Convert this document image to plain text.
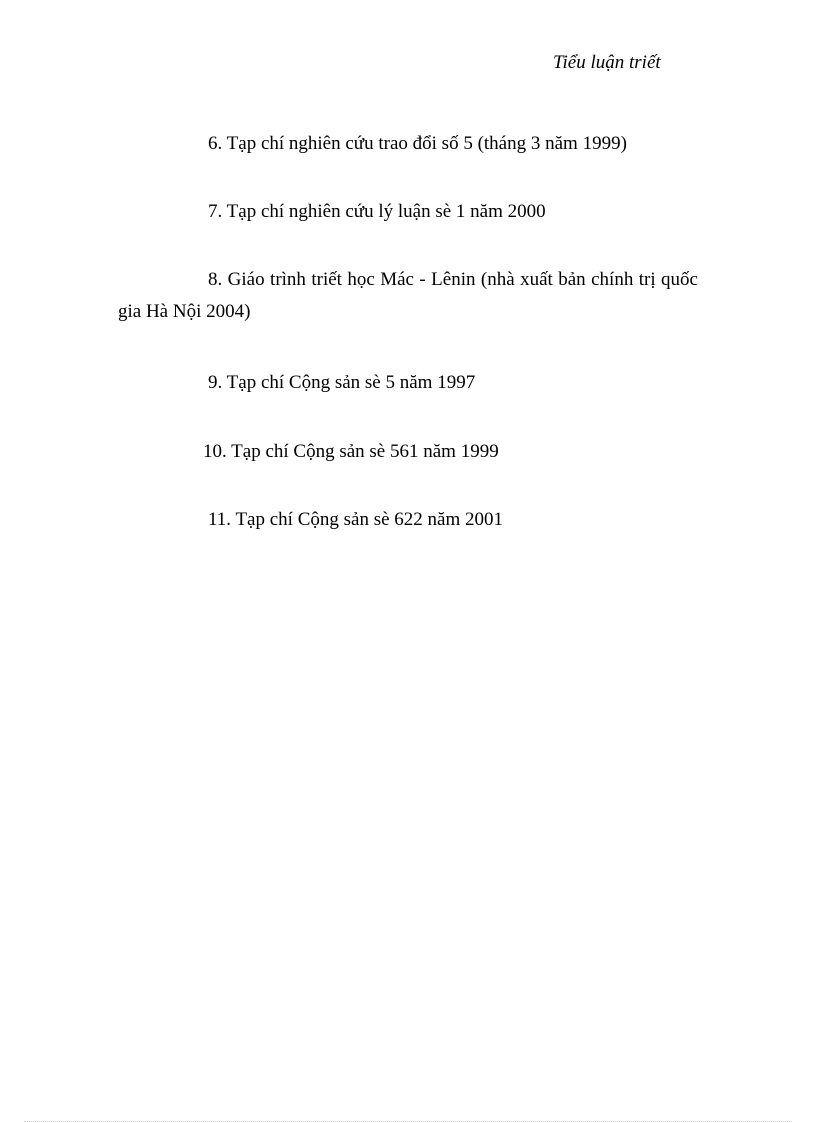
Tiểu luận triết
6. Tạp chí nghiên cứu trao đổi số 5 (tháng 3 năm 1999)
7. Tạp chí nghiên cứu lý luận sè 1 năm 2000
8. Giáo trình triết học Mác - Lênin (nhà xuất bản chính trị quốc gia Hà Nội 2004)
9. Tạp chí Cộng sản sè 5 năm 1997
10. Tạp chí Cộng sản sè 561 năm 1999
11. Tạp chí Cộng sản sè 622 năm 2001
